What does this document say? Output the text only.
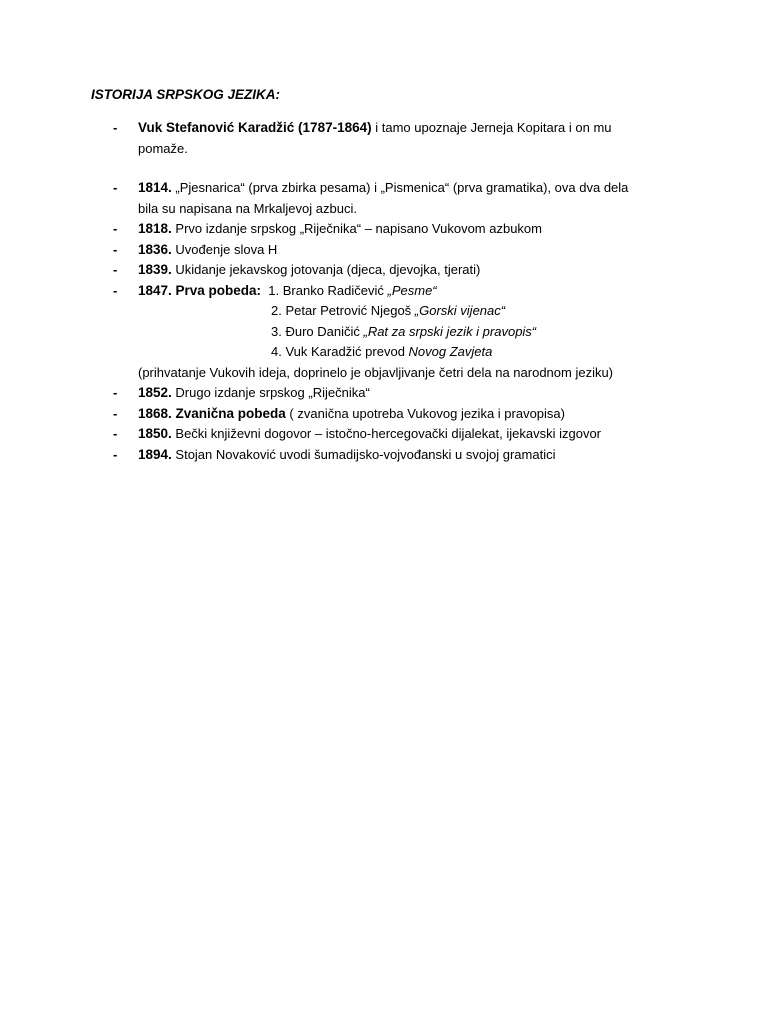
ISTORIJA SRPSKOG JEZIKA:
- Vuk Stefanović Karadžić (1787-1864) i tamo upoznaje Jerneja Kopitara i on mu
pomaže.
- 1814. „Pjesnarica“ (prva zbirka pesama) i „Pismenica“ (prva gramatika), ova dva dela
bila su napisana na Mrkaljevoj azbuci.
- 1818. Prvo izdanje srpskog „Riječnika“ – napisano Vukovom azbukom
- 1836. Uvođenje slova H
- 1839. Ukidanje jekavskog jotovanja (djeca, djevojka, tjerati)
- 1847. Prva pobeda:  1. Branko Radičević „Pesme“
2. Petar Petrović Njegoš „Gorski vijenac“
3. Đuro Daničić „Rat za srpski jezik i pravopis“
4. Vuk Karadžić prevod Novog Zavjeta
(prihvatanje Vukovih ideja, doprinelo je objavljivanje četri dela na narodnom jeziku)
- 1852. Drugo izdanje srpskog „Riječnika“
- 1868. Zvanična pobeda ( zvanična upotreba Vukovog jezika i pravopisa)
- 1850. Bečki književni dogovor – istočno-hercegovački dijalekat, ijekavski izgovor
- 1894. Stojan Novaković uvodi šumadijsko-vojvođanski u svojoj gramatici
